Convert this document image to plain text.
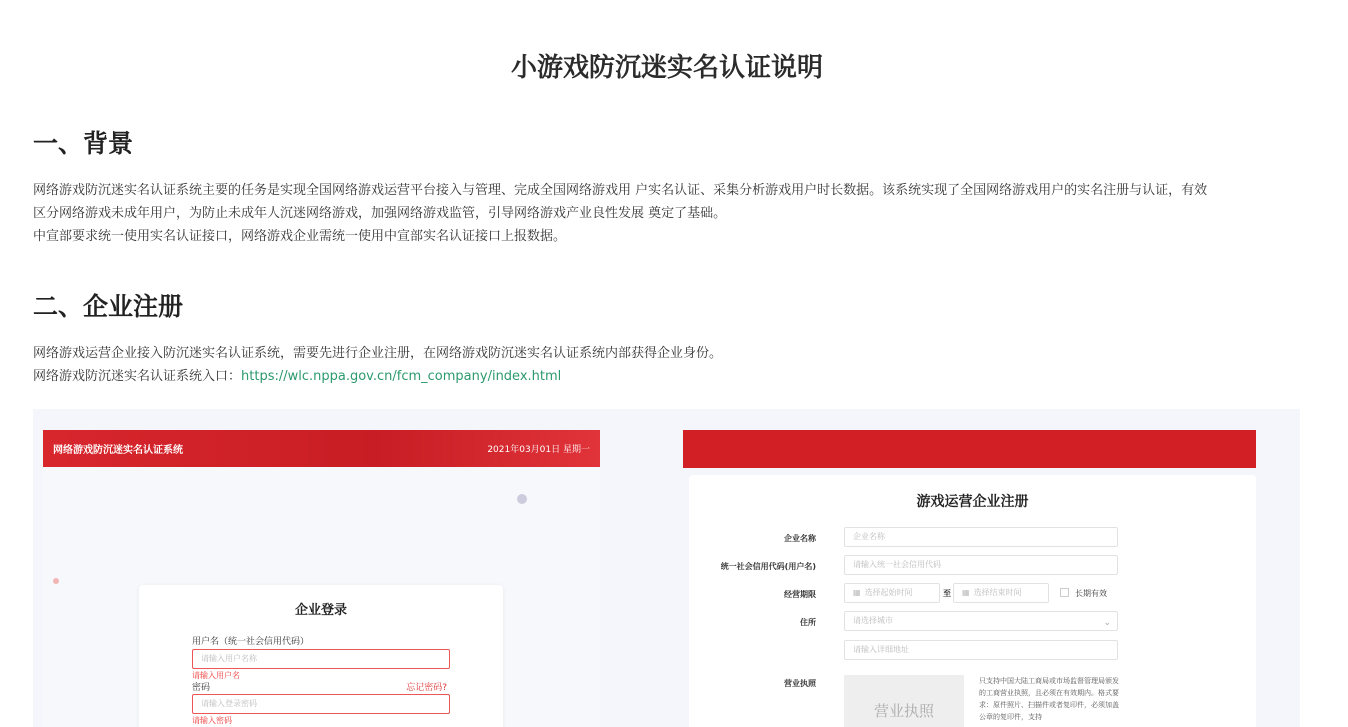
小游戏防沉迷实名认证说明
一、背景
网络游戏防沉迷实名认证系统主要的任务是实现全国网络游戏运营平台接入与管理、完成全国网络游戏用 户实名认证、采集分析游戏用户时长数据。该系统实现了全国网络游戏用户的实名注册与认证，有效
区分网络游戏未成年用户，为防止未成年人沉迷网络游戏，加强网络游戏监管，引导网络游戏产业良性发展 奠定了基础。
中宣部要求统一使用实名认证接口，网络游戏企业需统一使用中宣部实名认证接口上报数据。
二、企业注册
网络游戏运营企业接入防沉迷实名认证系统，需要先进行企业注册，在网络游戏防沉迷实名认证系统内部获得企业身份。
网络游戏防沉迷实名认证系统入口：https://wlc.nppa.gov.cn/fcm_company/index.html
网络游戏防沉迷实名认证系统	2021年03月01日 星期一
企业登录
用户名（统一社会信用代码）
请输入用户名称
请输入用户名
密码	忘记密码?
请输入登录密码
请输入密码
游戏运营企业注册
企业名称	企业名称
统一社会信用代码(用户名)	请输入统一社会信用代码
经营期限	▦ 选择起始时间	至	▦ 选择结束时间	长期有效
住所	请选择城市	⌄
请输入详细地址
营业执照
营业执照
只支持中国大陆工商局或市场监督管理局颁发的工商营业执照，且必须在有效期内。格式要求：原件照片、扫描件或者复印件，必须加盖公章的复印件，支持
